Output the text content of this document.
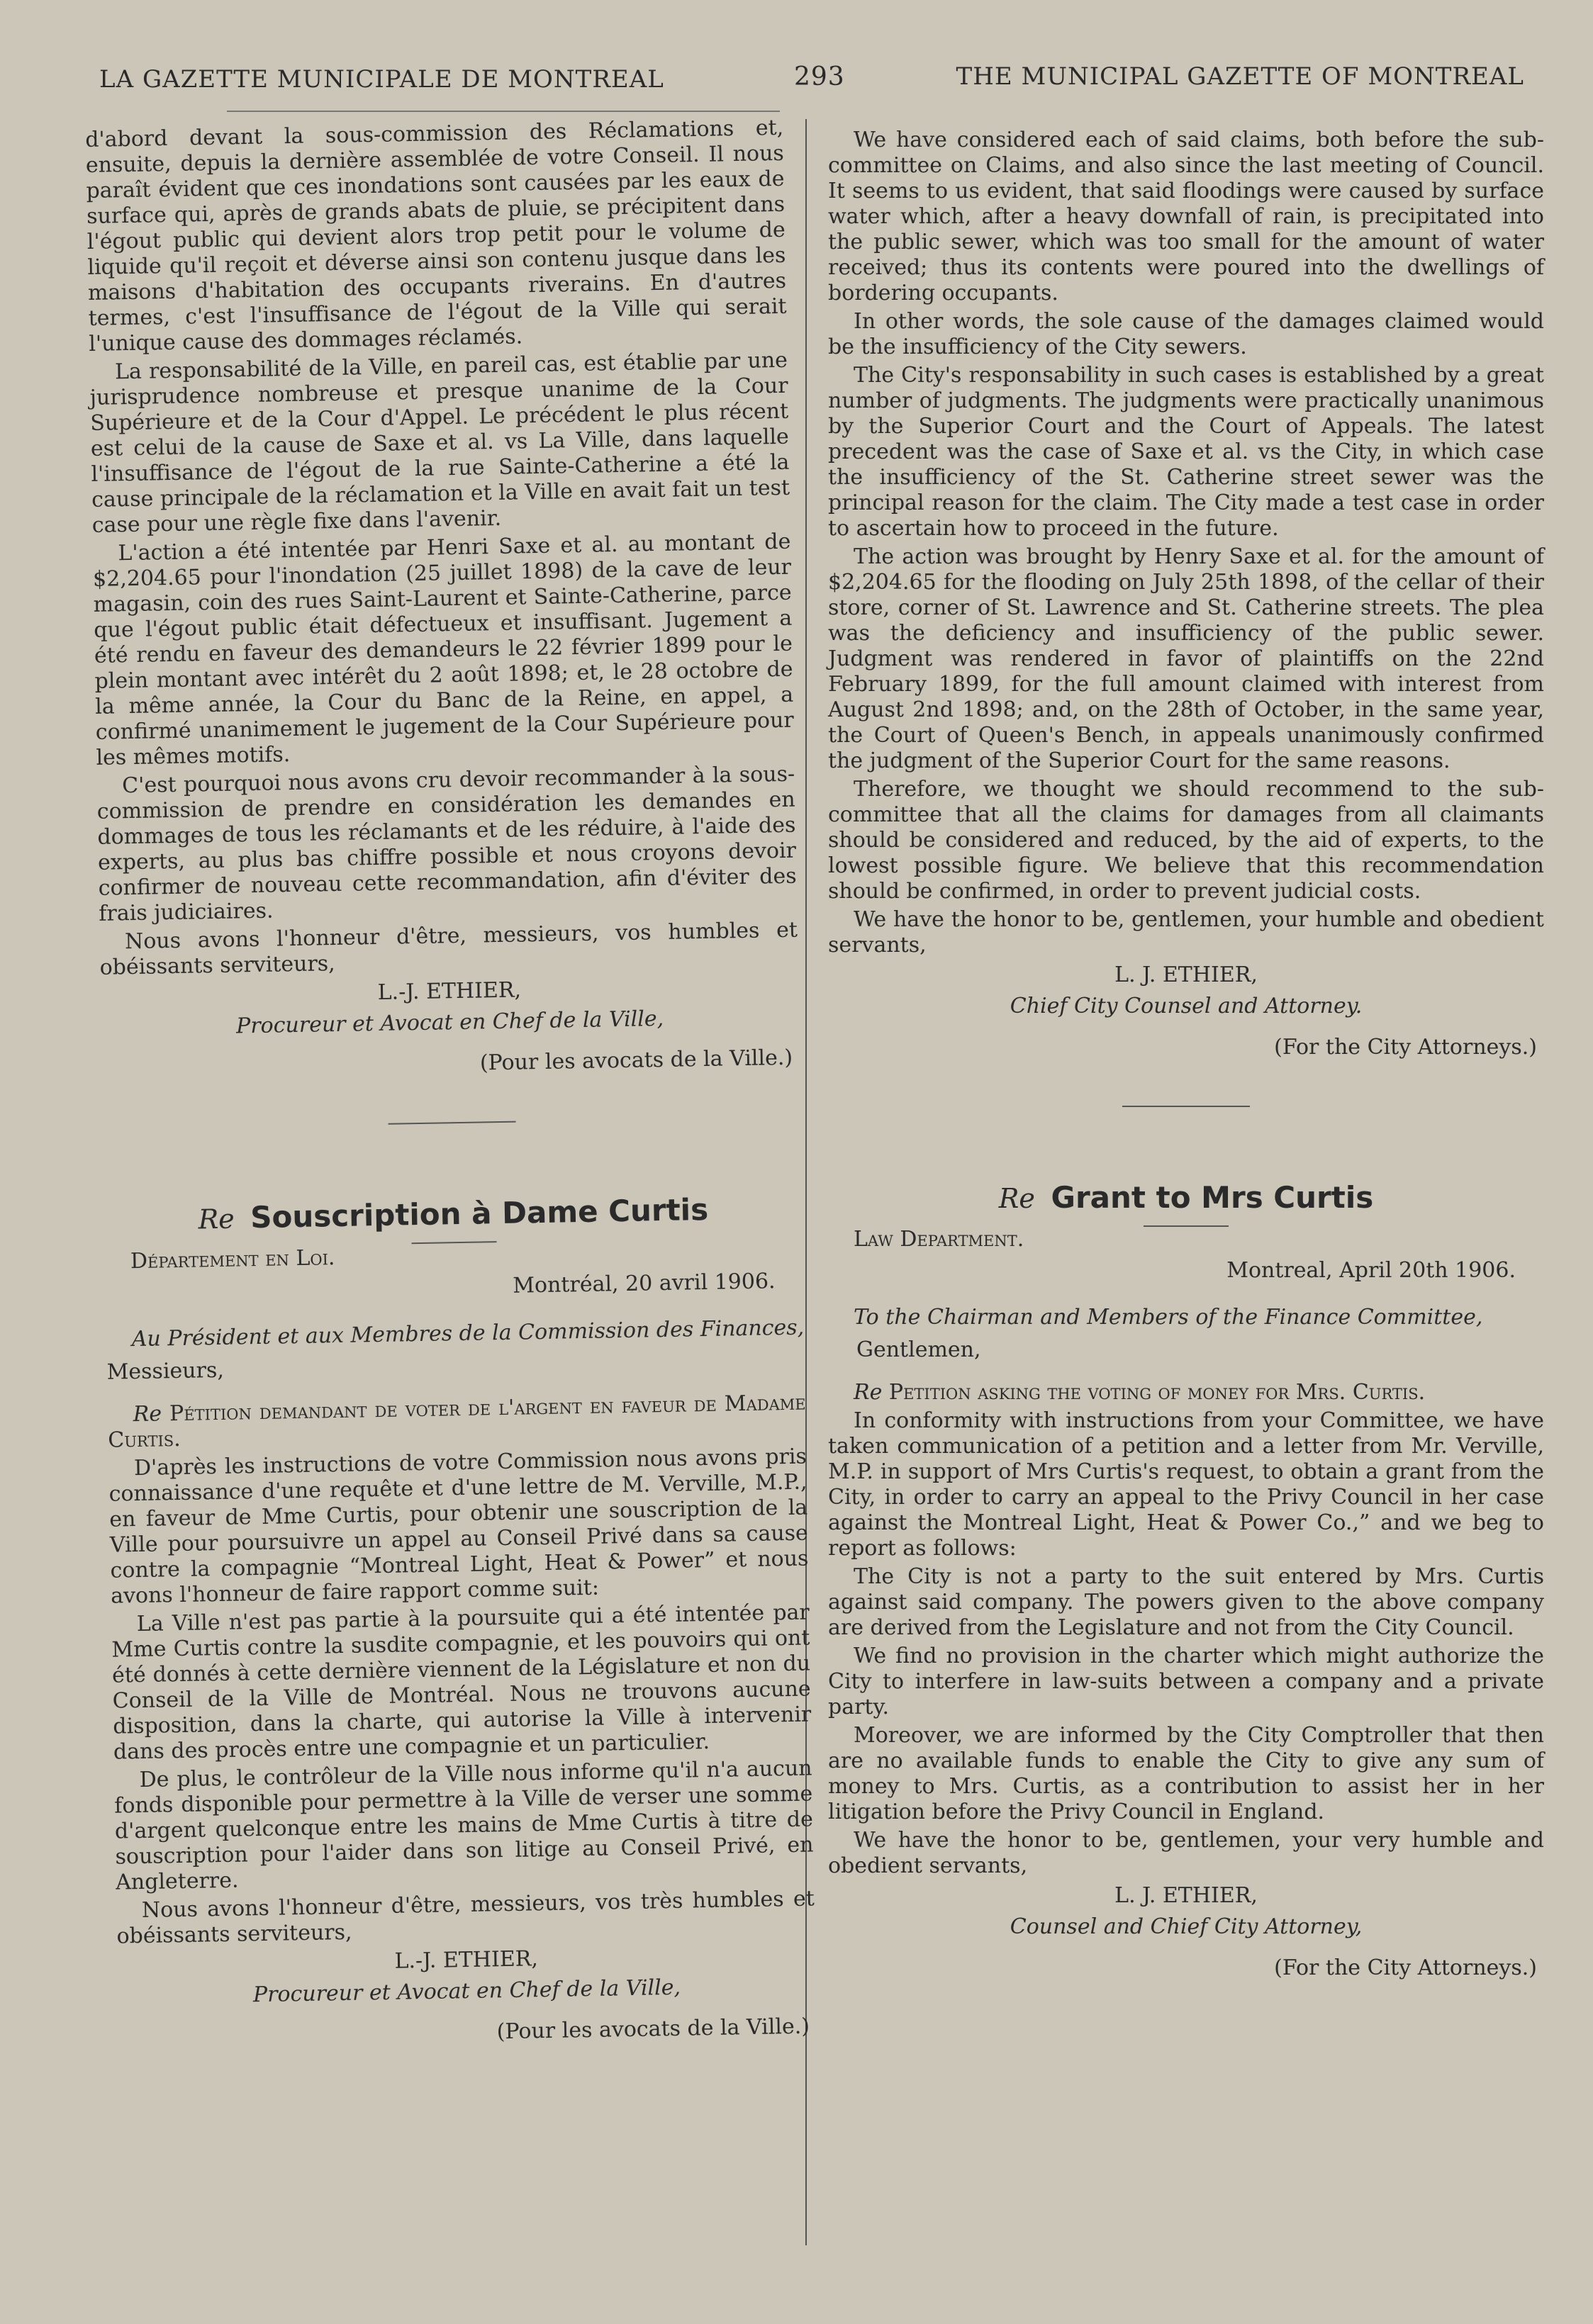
LA GAZETTE MUNICIPALE DE MONTREAL	293	THE MUNICIPAL GAZETTE OF MONTREAL

d'abord devant la sous-commission des Réclamations et, ensuite, depuis la dernière assemblée de votre Conseil. Il nous paraît évident que ces inondations sont causées par les eaux de surface qui, après de grands abats de pluie, se précipitent dans l'égout public qui devient alors trop petit pour le volume de liquide qu'il reçoit et déverse ainsi son contenu jusque dans les maisons d'habitation des occupants riverains. En d'autres termes, c'est l'insuffisance de l'égout de la Ville qui serait l'unique cause des dommages réclamés.

La responsabilité de la Ville, en pareil cas, est établie par une jurisprudence nombreuse et presque unanime de la Cour Supérieure et de la Cour d'Appel. Le précédent le plus récent est celui de la cause de Saxe et al. vs La Ville, dans laquelle l'insuffisance de l'égout de la rue Sainte-Catherine a été la cause principale de la réclamation et la Ville en avait fait un test case pour une règle fixe dans l'avenir.

L'action a été intentée par Henri Saxe et al. au montant de $2,204.65 pour l'inondation (25 juillet 1898) de la cave de leur magasin, coin des rues Saint-Laurent et Sainte-Catherine, parce que l'égout public était défectueux et insuffisant. Jugement a été rendu en faveur des demandeurs le 22 février 1899 pour le plein montant avec intérêt du 2 août 1898; et, le 28 octobre de la même année, la Cour du Banc de la Reine, en appel, a confirmé unanimement le jugement de la Cour Supérieure pour les mêmes motifs.

C'est pourquoi nous avons cru devoir recommander à la sous-commission de prendre en considération les demandes en dommages de tous les réclamants et de les réduire, à l'aide des experts, au plus bas chiffre possible et nous croyons devoir confirmer de nouveau cette recommandation, afin d'éviter des frais judiciaires.

Nous avons l'honneur d'être, messieurs, vos humbles et obéissants serviteurs,

L.-J. ETHIER,
Procureur et Avocat en Chef de la Ville,
(Pour les avocats de la Ville.)
Re Souscription à Dame Curtis

Département en Loi.

Montréal, 20 avril 1906.

Au Président et aux Membres de la Commission des Finances,

Messieurs,

Re Pétition demandant de voter de l'argent en faveur de Madame Curtis.

D'après les instructions de votre Commission nous avons pris connaissance d'une requête et d'une lettre de M. Verville, M.P., en faveur de Mme Curtis, pour obtenir une souscription de la Ville pour poursuivre un appel au Conseil Privé dans sa cause contre la compagnie “Montreal Light, Heat & Power” et nous avons l'honneur de faire rapport comme suit:

La Ville n'est pas partie à la poursuite qui a été intentée par Mme Curtis contre la susdite compagnie, et les pouvoirs qui ont été donnés à cette dernière viennent de la Législature et non du Conseil de la Ville de Montréal. Nous ne trouvons aucune disposition, dans la charte, qui autorise la Ville à intervenir dans des procès entre une compagnie et un particulier.

De plus, le contrôleur de la Ville nous informe qu'il n'a aucun fonds disponible pour permettre à la Ville de verser une somme d'argent quelconque entre les mains de Mme Curtis à titre de souscription pour l'aider dans son litige au Conseil Privé, en Angleterre.

Nous avons l'honneur d'être, messieurs, vos très humbles et obéissants serviteurs,

L.-J. ETHIER,
Procureur et Avocat en Chef de la Ville,
(Pour les avocats de la Ville.)

We have considered each of said claims, both before the sub-committee on Claims, and also since the last meeting of Council. It seems to us evident, that said floodings were caused by surface water which, after a heavy downfall of rain, is precipitated into the public sewer, which was too small for the amount of water received; thus its contents were poured into the dwellings of bordering occupants.

In other words, the sole cause of the damages claimed would be the insufficiency of the City sewers.

The City's responsability in such cases is established by a great number of judgments. The judgments were practically unanimous by the Superior Court and the Court of Appeals. The latest precedent was the case of Saxe et al. vs the City, in which case the insufficiency of the St. Catherine street sewer was the principal reason for the claim. The City made a test case in order to ascertain how to proceed in the future.

The action was brought by Henry Saxe et al. for the amount of $2,204.65 for the flooding on July 25th 1898, of the cellar of their store, corner of St. Lawrence and St. Catherine streets. The plea was the deficiency and insufficiency of the public sewer. Judgment was rendered in favor of plaintiffs on the 22nd February 1899, for the full amount claimed with interest from August 2nd 1898; and, on the 28th of October, in the same year, the Court of Queen's Bench, in appeals unanimously confirmed the judgment of the Superior Court for the same reasons.

Therefore, we thought we should recommend to the sub-committee that all the claims for damages from all claimants should be considered and reduced, by the aid of experts, to the lowest possible figure. We believe that this recommendation should be confirmed, in order to prevent judicial costs.

We have the honor to be, gentlemen, your humble and obedient servants,

L. J. ETHIER,
Chief City Counsel and Attorney.
(For the City Attorneys.)
Re Grant to Mrs Curtis

Law Department.

Montreal, April 20th 1906.

To the Chairman and Members of the Finance Committee,

Gentlemen,

Re Petition asking the voting of money for Mrs. Curtis.

In conformity with instructions from your Committee, we have taken communication of a petition and a letter from Mr. Verville, M.P. in support of Mrs Curtis's request, to obtain a grant from the City, in order to carry an appeal to the Privy Council in her case against the Montreal Light, Heat & Power Co.,” and we beg to report as follows:

The City is not a party to the suit entered by Mrs. Curtis against said company. The powers given to the above company are derived from the Legislature and not from the City Council.

We find no provision in the charter which might authorize the City to interfere in law-suits between a company and a private party.

Moreover, we are informed by the City Comptroller that then are no available funds to enable the City to give any sum of money to Mrs. Curtis, as a contribution to assist her in her litigation before the Privy Council in England.

We have the honor to be, gentlemen, your very humble and obedient servants,

L. J. ETHIER,
Counsel and Chief City Attorney,
(For the City Attorneys.)
